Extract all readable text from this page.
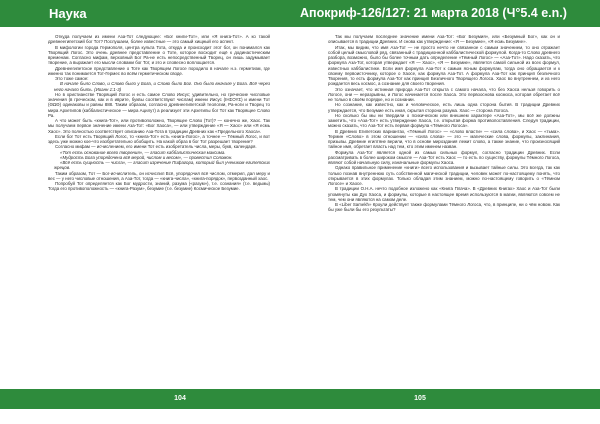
Наука

Откуда получаем из имени Аза-Тот следующее: «Бог книги-Тот», или «Я книга-Тот». А ко такой древнеегипетский бог Тот? Послушаем, более известные — это самый хищный его аспект.

В мифологии города Гермополя, центра культа Тота, откуда и происходит этот бог, он понимался как Творящий Логос. Это очень древнее представление о Тоте, которое восходит ещё к додинастическим временам. Согласно мифам, верховный Бог Ра-не есть непосредственный Творец, он лишь задумывает творение, а выражает его мысли словами бог Тот, и это и словесно воплощается.

Древнеегипетское представление о Тоте как Творящем Логосе породило в начале н.э. герметизм, где именно так понимается Тот-Гермес во всём герметическом своде.

Это тоже самое:

В начале было Слово, и Слово было у Бога, и Слово было Бог. Оно было вначале у Бога. Всё через него начало быть. (Иоанн 1:1-3)

Но в христианстве Творящий Логос и есть самое Слово Иисус; удивительно, но греческие числовые значения (в греческом, как и в иврите, буквы соответствуют числам) имени Иисус (ΙΗΣΟΥΣ) и имени Тот (ΘΩΘ) одинаковы и равны 888. Таким образом, согласно древнеегипетской теологии, Ра-ноги и Творец то мира Архетипов (каббалистическое — мира Ацилут) а реализует эти Архетипы бог Тот как Творящее Слово Ра.

А что может быть «книга-Тот», или противоположно, Творящее Слово (Тот)? — конечно же, Хаос. Так мы получаем первое значение имени Аза-Тот: «Бог Хаоса», — или утверждение «Я — Хаос» или «Я есмь Хаос». Это полностью соответствует описанию Аза-Тота в традиции Древних как «Предельного Хаоса».

Если бог Тот есть Творящий Логос, то «книга-Тот» есть «книга-Логос», а точнее — Тёмный Логос, и вот здесь уже можно кое-что изобретательно обобщить. На какой образ в бог Тот разрешает творение?

Согласно мифам — исчислением, его имени Тот есть изобретатель числа, меры, букв, календаря.

«Тот есть основание всего творения», — гласит каббалистическая максима.

«Мудрость Бога упорядочена всё мерой, числом и весом», — провестил Соломон.

«Всё есть сущность — числа», — гласит изречение Пифагора, который был учеником египетских жрецов.

Таким образом, Тот — Бог-исчислитель, он исчислил Всё, упорядочил всё числом, отмерил, дал меру и вес — у него числовые отношения, а Аза-Тот, тогда — «книга-числа», «книга-порядок», первозданный хаос.

Попробуй Тот определяется как Бог мудрости, знаний, разума («разум»), т.е. сознания» (т.е. ведьмы) Тогда его противоположность — «книга-Разум», безумие (т.е. безумие) Космическое Безумие.

104
Апокриф-126/127: 21 марта 2018 (Ч°5.4 e.n.)

Так мы получаем последнее значение имени Аза-Тот: «Бог Безумия», или «Безумный Бог», как он и описывается в традиции Древних. И снова как утверждение: «Я — Безумие», «Я есмь Безумие».

Итак, мы видим, что имя Аза-Тот — не просто нечто не связанное с самым значением, то оно отражает собой целый смысловой ряд, связанный с традиционной каббалистической формулой. Когда-то Слово древнего разбора, возможно, было бы более точным дать определение «Тёмный Логос» — «Аза-Тот». Надо сказать, что формула Аза-Тот, которая утверждает «Я — Хаос», «Я — Безумие», является самой сильной из всех формул, известных каббалистике. Если имя формула Аза-Тот к самым ясным формулам, тогда оно обращается и к своему первоисточнику, которое о Хаосе, как формула Аза-Тот. А формула Аза-Тот как принцип безличного Творения, то есть формула Аза-Тот как принцип Безличного Творящего Логоса. Хаос во внутреннем, и из него рождается весь космос, а сознание для своего творения.

Это означает, что истинная природа Аза-Тот открыта с самого начала, что без Хаоса нельзя говорить о Логосе, они — неразрывны, и Логос начинается после Хаоса. Это первооснова космоса, которая обретает всё не только в своём порядке, но и сознании.

Но сознание, как известно, как и человеческое, есть лишь одна сторона бытия. В традиции Древних утверждается, что Безумие есть иная, скрытая сторона разума. Хаос — сторона Логоса.

Но сколько бы мы ни твердили о психическом или внешнем характере «Аза-Тот», мы всё же должны заметить, что «Аза-Тот» есть утверждение Хаоса, т.е. открытая форма противопоставления. Следуя традиции, можно сказать, что Аза-Тот есть первая формула «Тёмного Логоса».

В Древних Египетских вариантах, «Тёмный Логос» — «слово власти» — «сила слова», и Хаос — «тьма». Термин «Слово» в этом отношении — «сила слова» — это — магические слова, формулы, заклинания, призывы. Древние египтяне верили, что в основе мироздания лежит слово, а также знание, что произносящий тайное имя, обретает власть над тем, кто этим именем назван.

Формула Аза-Тот является одной из самых сильных формул, согласно традиции Древних. Если рассматривать в более широком смысле — Аза-Тот есть Хаос — то есть по существу, формулы Тёмного Логоса, являют собой начальную силу, изначальные формулы Хаоса.

Однако правильное применение «книги» всего использования и вызывает тайные силы. Это всегда, так как только познав внутреннюю суть собственной магической традиции, человек может по-настоящему понять, что открывается в этих формулах. Только обладая этим знанием, можно по-настоящему говорить о «Тёмном Логосе» и Хаосе.

В традиции О.Н.А. нечто подобное изложено как «Книга Плача». В «Древних Книгах» Хаос и Аза-Тот были упомянуты как Дух Хаоса, и формулы, которые в настоящее время используются в магии, являются совсем не тем, чем они являются на самом деле.

В «Liber Samekh» Кроули действует также формулами Тёмного Логоса, что, в принципе, ни о чём новом. Как бы уже были бы его результаты?

105
